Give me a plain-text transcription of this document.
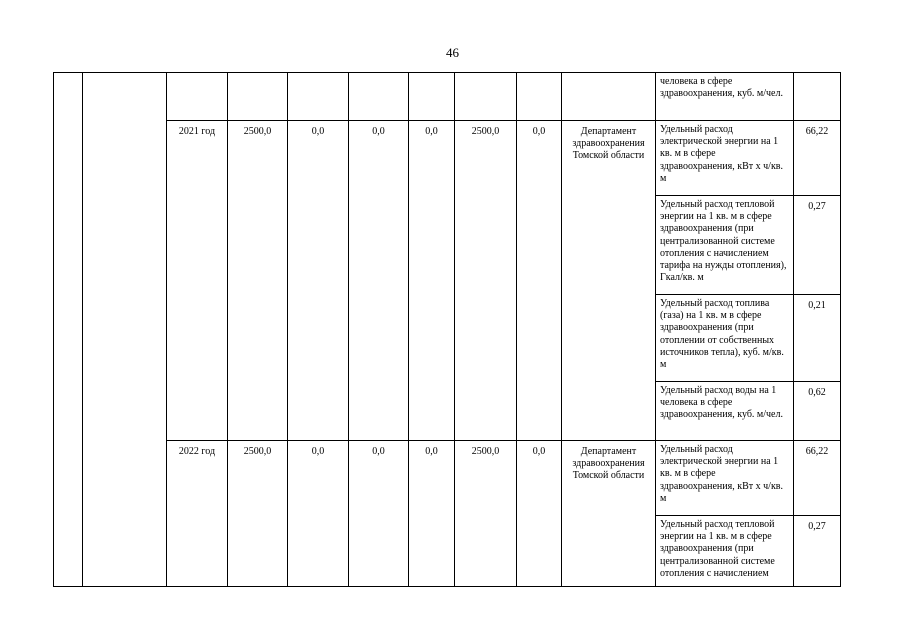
46
										человека в сфере здравоохранения, куб. м/чел.	
		2021 год	2500,0	0,0	0,0	0,0	2500,0	0,0	Департамент здравоохранения Томской области	Удельный расход электрической энергии на 1 кв. м в сфере здравоохранения, кВт х ч/кв. м	66,22
										Удельный расход тепловой энергии на 1 кв. м в сфере здравоохранения (при централизованной системе отопления с начислением тарифа на нужды отопления), Гкал/кв. м	0,27
										Удельный расход топлива (газа) на 1 кв. м в сфере здравоохранения (при отоплении от собственных источников тепла), куб. м/кв. м	0,21
										Удельный расход воды на 1 человека в сфере здравоохранения, куб. м/чел.	0,62
		2022 год	2500,0	0,0	0,0	0,0	2500,0	0,0	Департамент здравоохранения Томской области	Удельный расход электрической энергии на 1 кв. м в сфере здравоохранения, кВт х ч/кв. м	66,22
										Удельный расход тепловой энергии на 1 кв. м в сфере здравоохранения (при централизованной системе отопления с начислением	0,27
